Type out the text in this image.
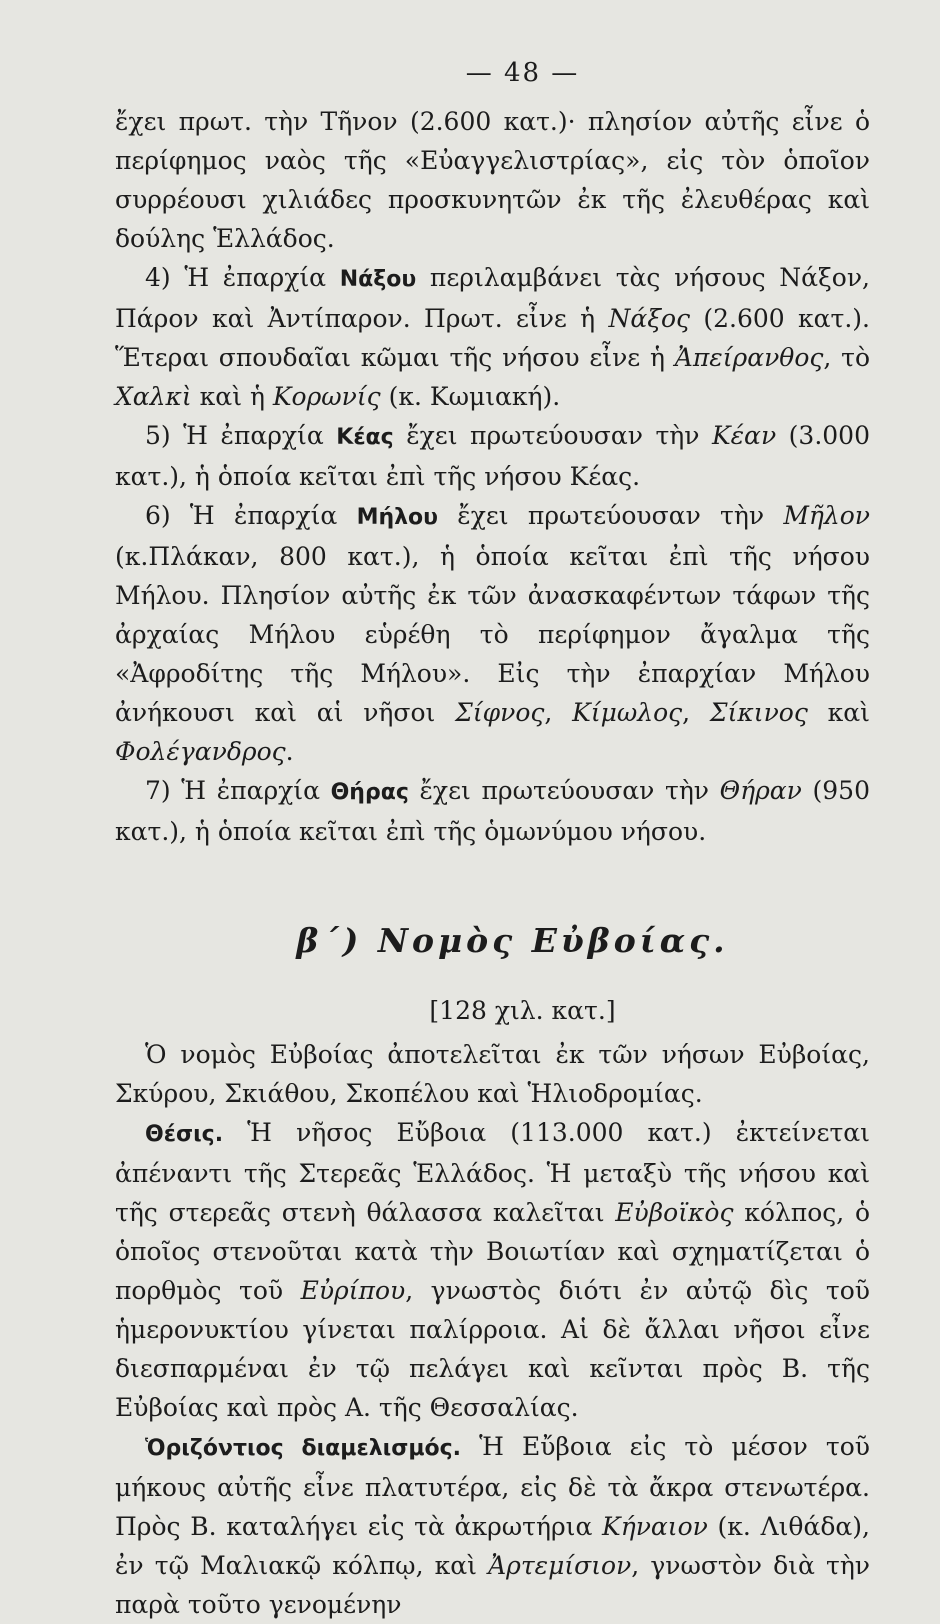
— 48 —

ἔχει πρωτ. τὴν Τῆνον (2.600 κατ.)· πλησίον αὐτῆς εἶνε ὁ περίφημος ναὸς τῆς «Εὐαγγελιστρίας», εἰς τὸν ὁποῖον συρρέουσι χιλιάδες προσκυνητῶν ἐκ τῆς ἐλευθέρας καὶ δούλης Ἑλλάδος.

4) Ἡ ἐπαρχία Νάξου περιλαμβάνει τὰς νήσους Νάξον, Πάρον καὶ Ἀντίπαρον. Πρωτ. εἶνε ἡ Νάξος (2.600 κατ.). Ἕτεραι σπουδαῖαι κῶμαι τῆς νήσου εἶνε ἡ Ἀπείρανθος, τὸ Χαλκὶ καὶ ἡ Κορωνίς (κ. Κωμιακή).

5) Ἡ ἐπαρχία Κέας ἔχει πρωτεύουσαν τὴν Κέαν (3.000 κατ.), ἡ ὁποία κεῖται ἐπὶ τῆς νήσου Κέας.

6) Ἡ ἐπαρχία Μήλου ἔχει πρωτεύουσαν τὴν Μῆλον (κ.Πλάκαν, 800 κατ.), ἡ ὁποία κεῖται ἐπὶ τῆς νήσου Μήλου. Πλησίον αὐτῆς ἐκ τῶν ἀνασκαφέντων τάφων τῆς ἀρχαίας Μήλου εὑρέθη τὸ περίφημον ἄγαλμα τῆς «Ἀφροδίτης τῆς Μήλου». Εἰς τὴν ἐπαρχίαν Μήλου ἀνήκουσι καὶ αἱ νῆσοι Σίφνος, Κίμωλος, Σίκινος καὶ Φολέγανδρος.

7) Ἡ ἐπαρχία Θήρας ἔχει πρωτεύουσαν τὴν Θήραν (950 κατ.), ἡ ὁποία κεῖται ἐπὶ τῆς ὁμωνύμου νήσου.

β΄) Νομὸς Εὐβοίας.
[128 χιλ. κατ.]

Ὁ νομὸς Εὐβοίας ἀποτελεῖται ἐκ τῶν νήσων Εὐβοίας, Σκύρου, Σκιάθου, Σκοπέλου καὶ Ἡλιοδρομίας.

Θέσις. Ἡ νῆσος Εὔβοια (113.000 κατ.) ἐκτείνεται ἀπέναντι τῆς Στερεᾶς Ἑλλάδος. Ἡ μεταξὺ τῆς νήσου καὶ τῆς στερεᾶς στενὴ θάλασσα καλεῖται Εὐβοϊκὸς κόλπος, ὁ ὁποῖος στενοῦται κατὰ τὴν Βοιωτίαν καὶ σχηματίζεται ὁ πορθμὸς τοῦ Εὐρίπου, γνωστὸς διότι ἐν αὐτῷ δὶς τοῦ ἡμερονυκτίου γίνεται παλίρροια. Αἱ δὲ ἄλλαι νῆσοι εἶνε διεσπαρμέναι ἐν τῷ πελάγει καὶ κεῖνται πρὸς Β. τῆς Εὐβοίας καὶ πρὸς Α. τῆς Θεσσαλίας.

Ὁριζόντιος διαμελισμός. Ἡ Εὔβοια εἰς τὸ μέσον τοῦ μήκους αὐτῆς εἶνε πλατυτέρα, εἰς δὲ τὰ ἄκρα στενωτέρα. Πρὸς Β. καταλήγει εἰς τὰ ἀκρωτήρια Κήναιον (κ. Λιθάδα), ἐν τῷ Μαλιακῷ κόλπῳ, καὶ Ἀρτεμίσιον, γνωστὸν διὰ τὴν παρὰ τοῦτο γενομένην
